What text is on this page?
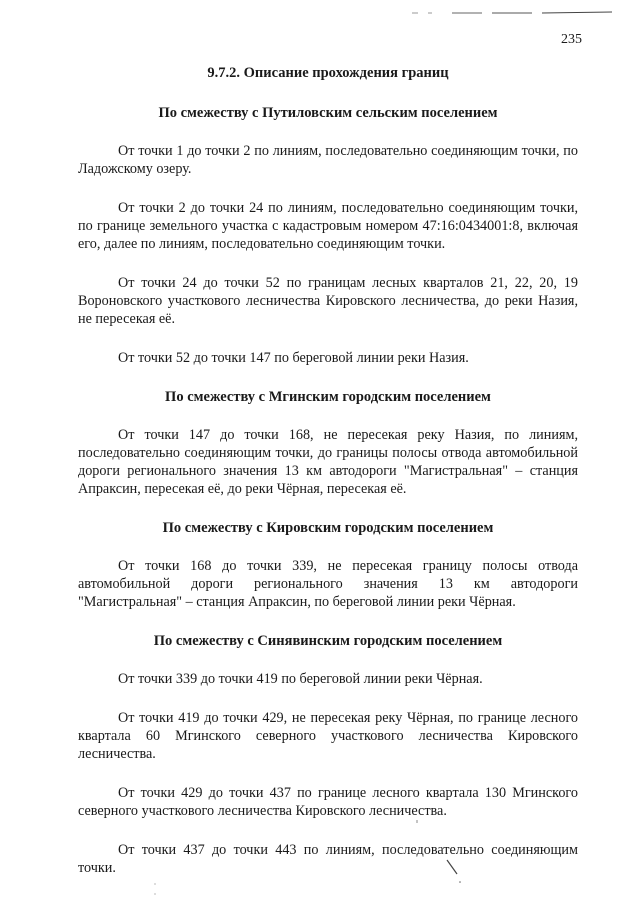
235
9.7.2. Описание прохождения границ
По смежеству с Путиловским сельским поселением

От точки 1 до точки 2 по линиям, последовательно соединяющим точки, по Ладожскому озеру.

От точки 2 до точки 24 по линиям, последовательно соединяющим точки, по границе земельного участка с кадастровым номером 47:16:0434001:8, включая его, далее по линиям, последовательно соединяющим точки.

От точки 24 до точки 52 по границам лесных кварталов 21, 22, 20, 19 Вороновского участкового лесничества Кировского лесничества, до реки Назия, не пересекая её.

От точки 52 до точки 147 по береговой линии реки Назия.

По смежеству с Мгинским городским поселением

От точки 147 до точки 168, не пересекая реку Назия, по линиям, последовательно соединяющим точки, до границы полосы отвода автомобильной дороги регионального значения 13 км автодороги "Магистральная" – станция Апраксин, пересекая её, до реки Чёрная, пересекая её.

По смежеству с Кировским городским поселением

От точки 168 до точки 339, не пересекая границу полосы отвода автомобильной дороги регионального значения 13 км автодороги "Магистральная" – станция Апраксин, по береговой линии реки Чёрная.

По смежеству с Синявинским городским поселением

От точки 339 до точки 419 по береговой линии реки Чёрная.

От точки 419 до точки 429, не пересекая реку Чёрная, по границе лесного квартала 60 Мгинского северного участкового лесничества Кировского лесничества.

От точки 429 до точки 437 по границе лесного квартала 130 Мгинского северного участкового лесничества Кировского лесничества.

От точки 437 до точки 443 по линиям, последовательно соединяющим точки.
